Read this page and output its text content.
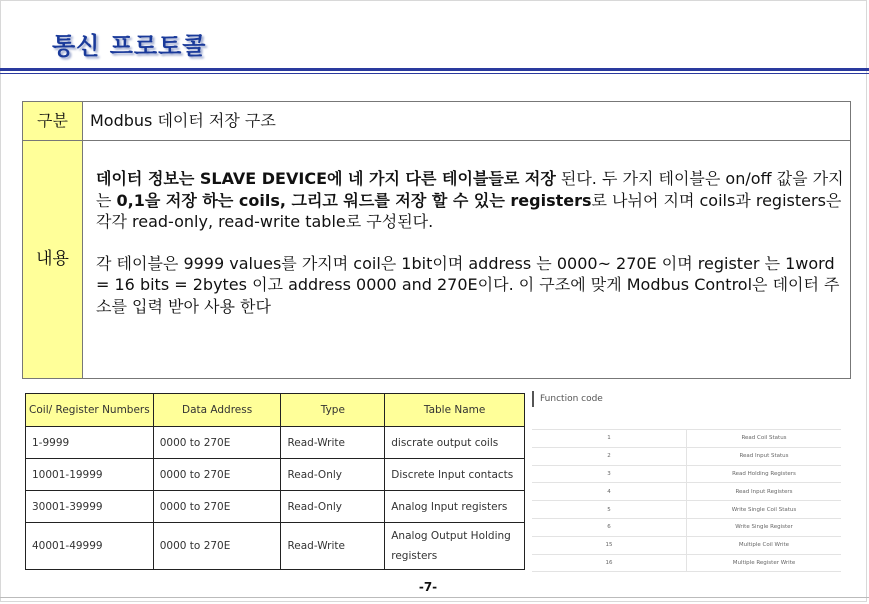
통신 프로토콜
구분	Modbus 데이터 저장 구조
내용
데이터 정보는 SLAVE DEVICE에 네 가지 다른 테이블들로 저장 된다. 두 가지 테이블은 on/off 값을 가지는 0,1을 저장 하는 coils, 그리고 워드를 저장 할 수 있는 registers로 나뉘어 지며 coils과 registers은 각각 read-only, read-write table로 구성된다.
각 테이블은 9999 values를 가지며 coil은 1bit이며 address 는 0000~ 270E 이며 register 는 1word = 16 bits = 2bytes 이고 address 0000 and 270E이다. 이 구조에 맞게 Modbus Control은 데이터 주소를 입력 받아 사용 한다
Coil/ Register Numbers	Data Address	Type	Table Name
1-9999	0000 to 270E	Read-Write	discrate output coils
10001-19999	0000 to 270E	Read-Only	Discrete Input contacts
30001-39999	0000 to 270E	Read-Only	Analog Input registers
40001-49999	0000 to 270E	Read-Write	Analog Output Holding registers
Function code
1	Read Coil Status
2	Read Input Status
3	Read Holding Registers
4	Read Input Registers
5	Write Single Coil Status
6	Write Single Register
15	Multiple Coil Write
16	Multiple Register Write
-7-
